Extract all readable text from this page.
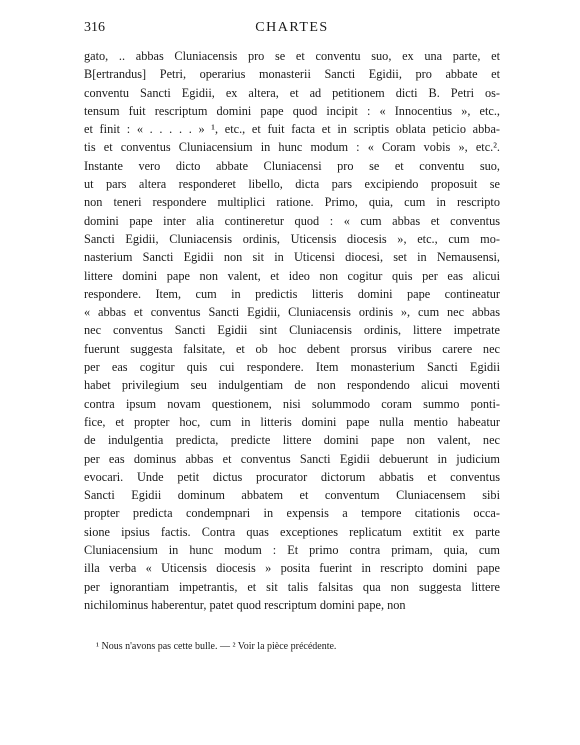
316	CHARTES
gato, .. abbas Cluniacensis pro se et conventu suo, ex una parte, et
B[ertrandus] Petri, operarius monasterii Sancti Egidii, pro abbate et
conventu Sancti Egidii, ex altera, et ad petitionem dicti B. Petri os-
tensum fuit rescriptum domini pape quod incipit : « Innocentius », etc.,
et finit : « . . . . . » ¹, etc., et fuit facta et in scriptis oblata peticio abba-
tis et conventus Cluniacensium in hunc modum : « Coram vobis », etc.².
Instante vero dicto abbate Cluniacensi pro se et conventu suo,
ut pars altera responderet libello, dicta pars excipiendo proposuit se
non teneri respondere multiplici ratione. Primo, quia, cum in rescripto
domini pape inter alia contineretur quod : « cum abbas et conventus
Sancti Egidii, Cluniacensis ordinis, Uticensis diocesis », etc., cum mo-
nasterium Sancti Egidii non sit in Uticensi diocesi, set in Nemausensi,
littere domini pape non valent, et ideo non cogitur quis per eas alicui
respondere. Item, cum in predictis litteris domini pape contineatur
« abbas et conventus Sancti Egidii, Cluniacensis ordinis », cum nec abbas
nec conventus Sancti Egidii sint Cluniacensis ordinis, littere impetrate
fuerunt suggesta falsitate, et ob hoc debent prorsus viribus carere nec
per eas cogitur quis cui respondere. Item monasterium Sancti Egidii
habet privilegium seu indulgentiam de non respondendo alicui moventi
contra ipsum novam questionem, nisi solummodo coram summo ponti-
fice, et propter hoc, cum in litteris domini pape nulla mentio habeatur
de indulgentia predicta, predicte littere domini pape non valent, nec
per eas dominus abbas et conventus Sancti Egidii debuerunt in judicium
evocari. Unde petit dictus procurator dictorum abbatis et conventus
Sancti Egidii dominum abbatem et conventum Cluniacensem sibi
propter predicta condempnari in expensis a tempore citationis occa-
sione ipsius factis. Contra quas exceptiones replicatum extitit ex parte
Cluniacensium in hunc modum : Et primo contra primam, quia, cum
illa verba « Uticensis diocesis » posita fuerint in rescripto domini pape
per ignorantiam impetrantis, et sit talis falsitas qua non suggesta littere
nichilominus haberentur, patet quod rescriptum domini pape, non
¹ Nous n'avons pas cette bulle. — ² Voir la pièce précédente.
